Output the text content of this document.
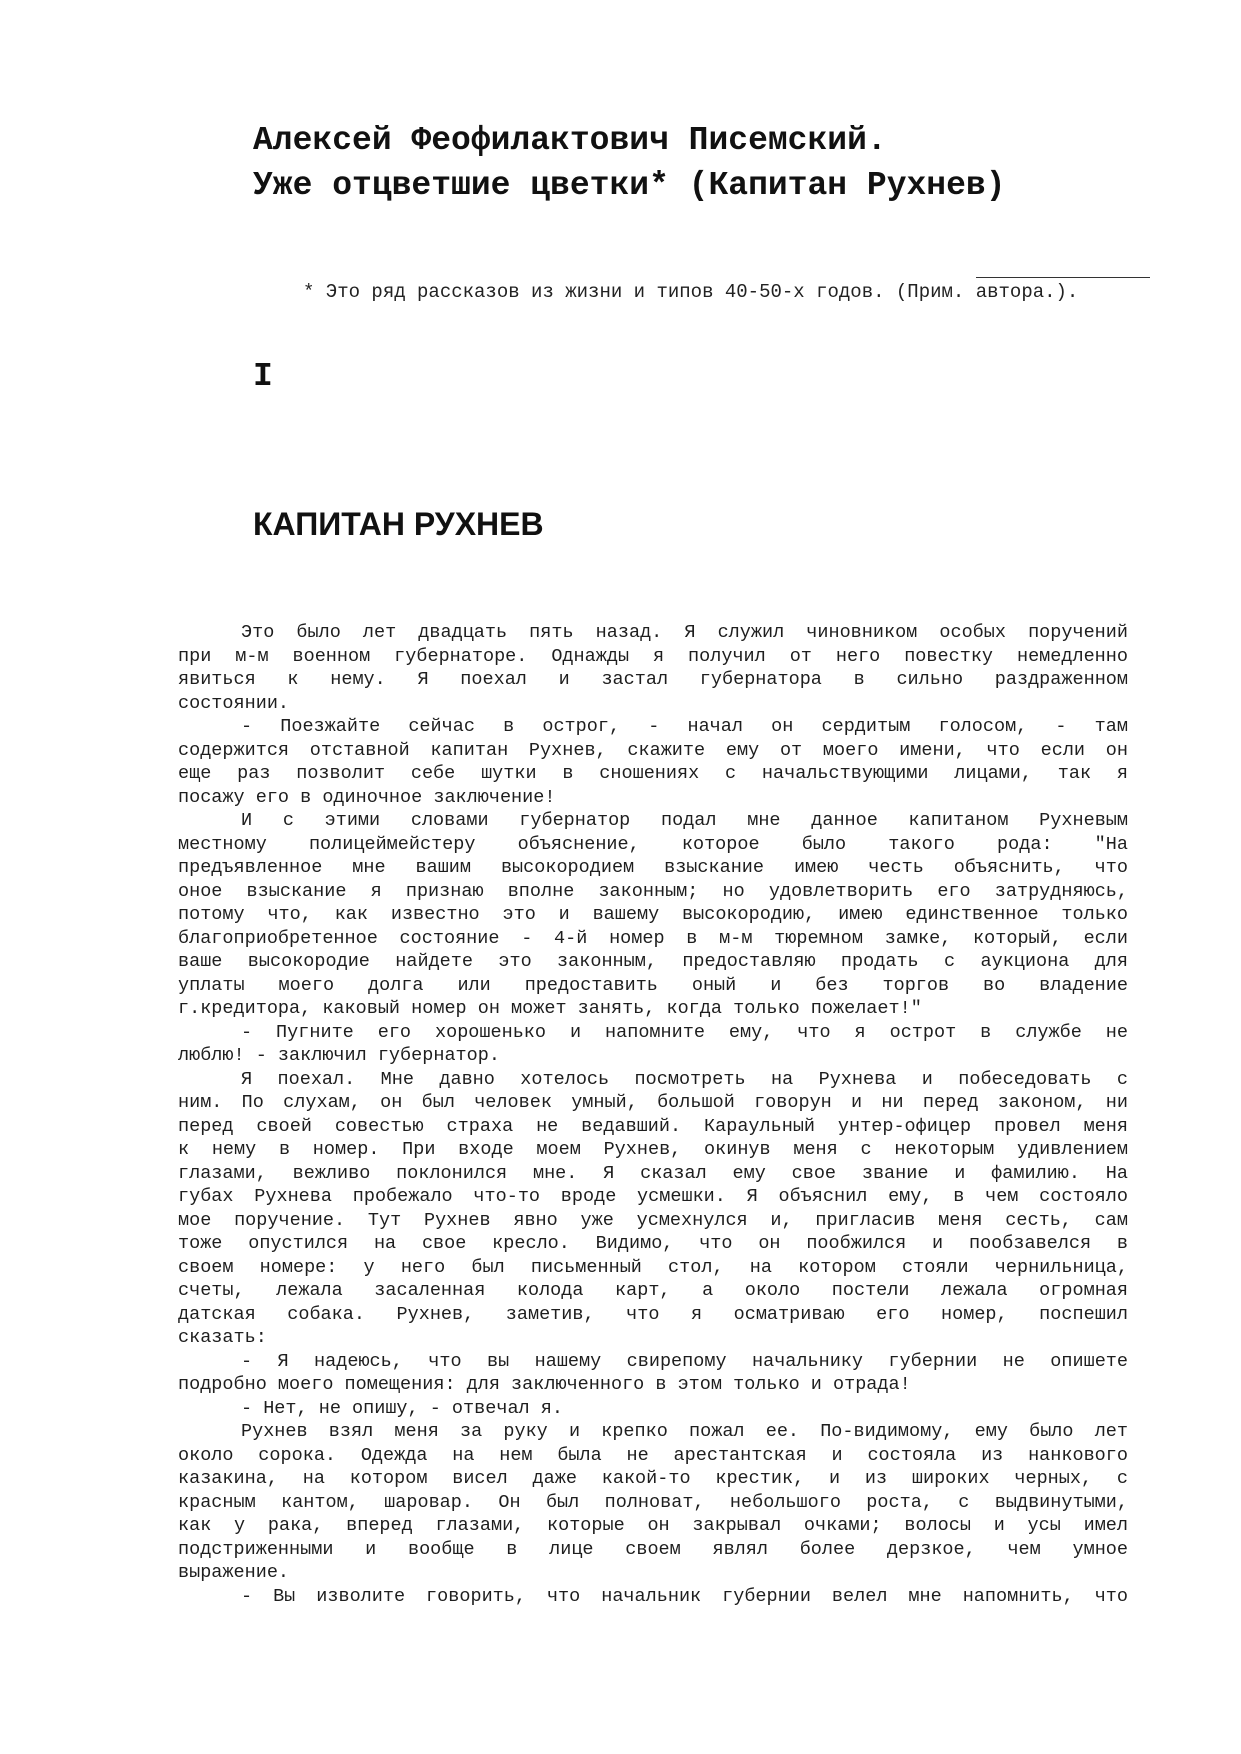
Алексей Феофилактович Писемский.
Уже отцветшие цветки* (Капитан Рухнев)
* Это ряд рассказов из жизни и типов 40-50-х годов. (Прим. автора.).
I
КАПИТАН РУХНЕВ
Это было лет двадцать пять назад. Я служил чиновником особых поручений
при м-м военном губернаторе. Однажды я получил от него повестку немедленно
явиться к нему. Я поехал и застал губернатора в сильно раздраженном
состоянии.
- Поезжайте сейчас в острог, - начал он сердитым голосом, - там
содержится отставной капитан Рухнев, скажите ему от моего имени, что если он
еще раз позволит себе шутки в сношениях с начальствующими лицами, так я
посажу его в одиночное заключение!
И с этими словами губернатор подал мне данное капитаном Рухневым
местному полицеймейстеру объяснение, которое было такого рода: "На
предъявленное мне вашим высокородием взыскание имею честь объяснить, что
оное взыскание я признаю вполне законным; но удовлетворить его затрудняюсь,
потому что, как известно это и вашему высокородию, имею единственное только
благоприобретенное состояние - 4-й номер в м-м тюремном замке, который, если
ваше высокородие найдете это законным, предоставляю продать с аукциона для
уплаты моего долга или предоставить оный и без торгов во владение
г.кредитора, каковый номер он может занять, когда только пожелает!"
- Пугните его хорошенько и напомните ему, что я острот в службе не
люблю! - заключил губернатор.
Я поехал. Мне давно хотелось посмотреть на Рухнева и побеседовать с
ним. По слухам, он был человек умный, большой говорун и ни перед законом, ни
перед своей совестью страха не ведавший. Караульный унтер-офицер провел меня
к нему в номер. При входе моем Рухнев, окинув меня с некоторым удивлением
глазами, вежливо поклонился мне. Я сказал ему свое звание и фамилию. На
губах Рухнева пробежало что-то вроде усмешки. Я объяснил ему, в чем состояло
мое поручение. Тут Рухнев явно уже усмехнулся и, пригласив меня сесть, сам
тоже опустился на свое кресло. Видимо, что он пообжился и пообзавелся в
своем номере: у него был письменный стол, на котором стояли чернильница,
счеты, лежала засаленная колода карт, а около постели лежала огромная
датская собака. Рухнев, заметив, что я осматриваю его номер, поспешил
сказать:
- Я надеюсь, что вы нашему свирепому начальнику губернии не опишете
подробно моего помещения: для заключенного в этом только и отрада!
- Нет, не опишу, - отвечал я.
Рухнев взял меня за руку и крепко пожал ее. По-видимому, ему было лет
около сорока. Одежда на нем была не арестантская и состояла из нанкового
казакина, на котором висел даже какой-то крестик, и из широких черных, с
красным кантом, шаровар. Он был полноват, небольшого роста, с выдвинутыми,
как у рака, вперед глазами, которые он закрывал очками; волосы и усы имел
подстриженными и вообще в лице своем являл более дерзкое, чем умное
выражение.
- Вы изволите говорить, что начальник губернии велел мне напомнить, что
